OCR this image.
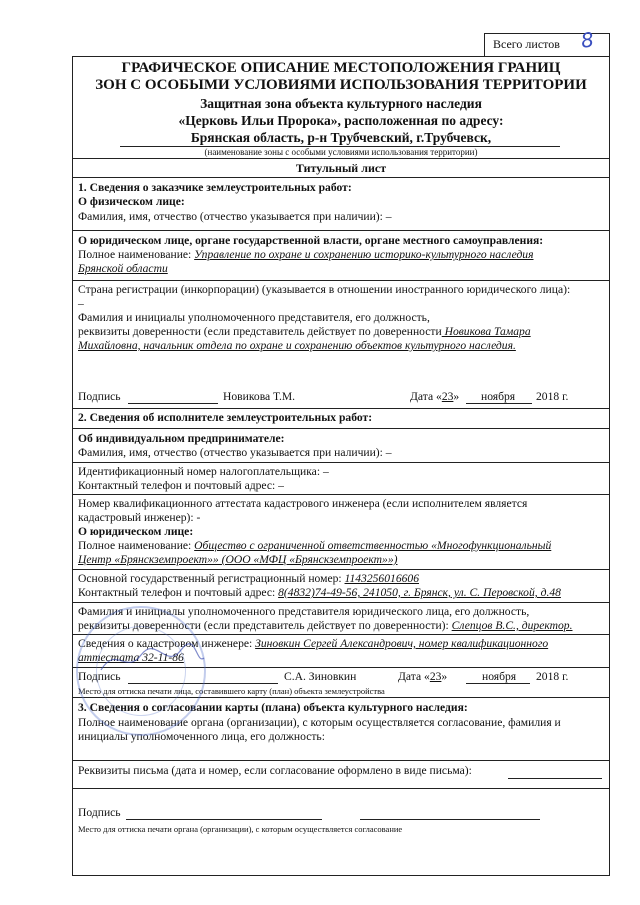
Всего листов 8
ГРАФИЧЕСКОЕ ОПИСАНИЕ МЕСТОПОЛОЖЕНИЯ ГРАНИЦ
ЗОН С ОСОБЫМИ УСЛОВИЯМИ ИСПОЛЬЗОВАНИЯ ТЕРРИТОРИИ
Защитная зона объекта культурного наследия
«Церковь Ильи Пророка», расположенная по адресу:
Брянская область, р-н Трубчевский, г.Трубчевск,
(наименование зоны с особыми условиями использования территории)
Титульный лист
1. Сведения о заказчике землеустроительных работ:
О физическом лице:
Фамилия, имя, отчество (отчество указывается при наличии): –
О юридическом лице, органе государственной власти, органе местного самоуправления:
Полное наименование: Управление по охране и сохранению историко-культурного наследия
Брянской области
Страна регистрации (инкорпорации) (указывается в отношении иностранного юридического лица):
–
Фамилия и инициалы уполномоченного представителя, его должность,
реквизиты доверенности (если представитель действует по доверенности Новикова Тамара
Михайловна, начальник отдела по охране и сохранению объектов культурного наследия.
Подпись	Новикова Т.М.	Дата «23» ноября 2018 г.
2. Сведения об исполнителе землеустроительных работ:
Об индивидуальном предпринимателе:
Фамилия, имя, отчество (отчество указывается при наличии): –
Идентификационный номер налогоплательщика: –
Контактный телефон и почтовый адрес: –
Номер квалификационного аттестата кадастрового инженера (если исполнителем является
кадастровый инженер): -
О юридическом лице:
Полное наименование: Общество с ограниченной ответственностью «Многофункциональный
Центр «Брянскземпроект»» (ООО «МФЦ «Брянскземпроект»»)
Основной государственный регистрационный номер: 1143256016606
Контактный телефон и почтовый адрес: 8(4832)74-49-56, 241050, г. Брянск, ул. С. Перовской, д.48
Фамилия и инициалы уполномоченного представителя юридического лица, его должность,
реквизиты доверенности (если представитель действует по доверенности): Слепцов В.С., директор.
Сведения о кадастровом инженере: Зиновкин Сергей Александрович, номер квалификационного
аттестата 32-11-86
Подпись	С.А. Зиновкин	Дата «23»	ноября 2018 г.
Место для оттиска печати лица, составившего карту (план) объекта землеустройства
3. Сведения о согласовании карты (плана) объекта культурного наследия:
Полное наименование органа (организации), с которым осуществляется согласование, фамилия и
инициалы уполномоченного лица, его должность:
Реквизиты письма (дата и номер, если согласование оформлено в виде письма):
Подпись
Место для оттиска печати органа (организации), с которым осуществляется согласование
